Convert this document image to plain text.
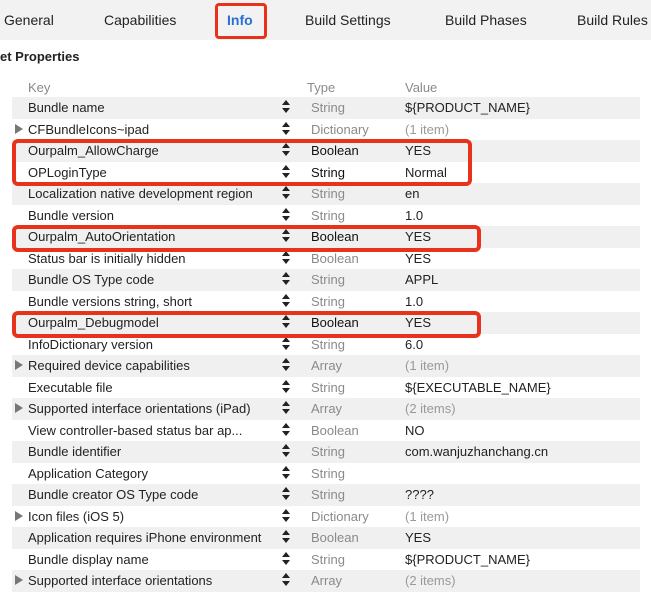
General	Capabilities	Info	Build Settings	Build Phases	Build Rules
et Properties
Key	Type	Value
Bundle name	String	${PRODUCT_NAME}
CFBundleIcons~ipad	Dictionary	(1 item)
Ourpalm_AllowCharge	Boolean	YES
OPLoginType	String	Normal
Localization native development region	String	en
Bundle version	String	1.0
Ourpalm_AutoOrientation	Boolean	YES
Status bar is initially hidden	Boolean	YES
Bundle OS Type code	String	APPL
Bundle versions string, short	String	1.0
Ourpalm_Debugmodel	Boolean	YES
InfoDictionary version	String	6.0
Required device capabilities	Array	(1 item)
Executable file	String	${EXECUTABLE_NAME}
Supported interface orientations (iPad)	Array	(2 items)
View controller-based status bar ap...	Boolean	NO
Bundle identifier	String	com.wanjuzhanchang.cn
Application Category	String
Bundle creator OS Type code	String	????
Icon files (iOS 5)	Dictionary	(1 item)
Application requires iPhone environment	Boolean	YES
Bundle display name	String	${PRODUCT_NAME}
Supported interface orientations	Array	(2 items)
